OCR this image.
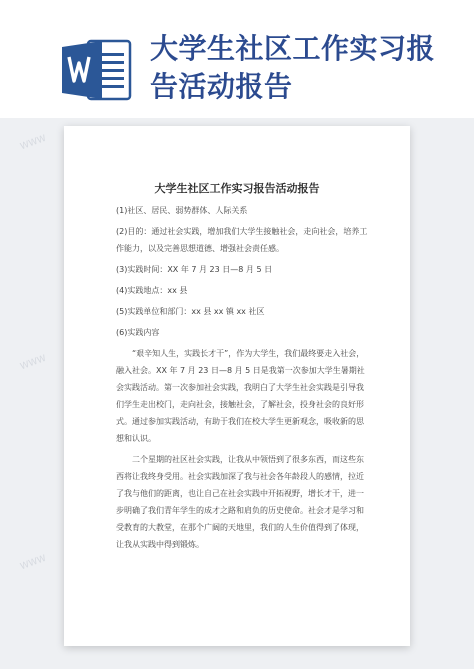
大学生社区工作实习报告活动报告
WWW
WWW
WWW
大学生社区工作实习报告活动报告

(1)社区、居民、弱势群体、人际关系

(2)目的：通过社会实践，增加我们大学生接触社会，走向社会，培养工作能力，以及完善思想道德、增强社会责任感。

(3)实践时间：XX 年 7 月 23 日—8 月 5 日

(4)实践地点：xx 县

(5)实践单位和部门：xx 县 xx 镇 xx 社区

(6)实践内容

“艰辛知人生，实践长才干”，作为大学生，我们最终要走入社会，融入社会。XX 年 7 月 23 日—8 月 5 日是我第一次参加大学生暑期社会实践活动。第一次参加社会实践，我明白了大学生社会实践是引导我们学生走出校门，走向社会，接触社会，了解社会，投身社会的良好形式。通过参加实践活动，有助于我们在校大学生更新观念，吸收新的思想和认识。

二个星期的社区社会实践，让我从中领悟到了很多东西，而这些东西将让我终身受用。社会实践加深了我与社会各年龄段人的感情，拉近了我与他们的距离，也让自己在社会实践中开拓视野，增长才干，进一步明确了我们青年学生的成才之路和肩负的历史使命。社会才是学习和受教育的大教堂，在那个广阔的天地里，我们的人生价值得到了体现，让我从实践中得到锻炼。
